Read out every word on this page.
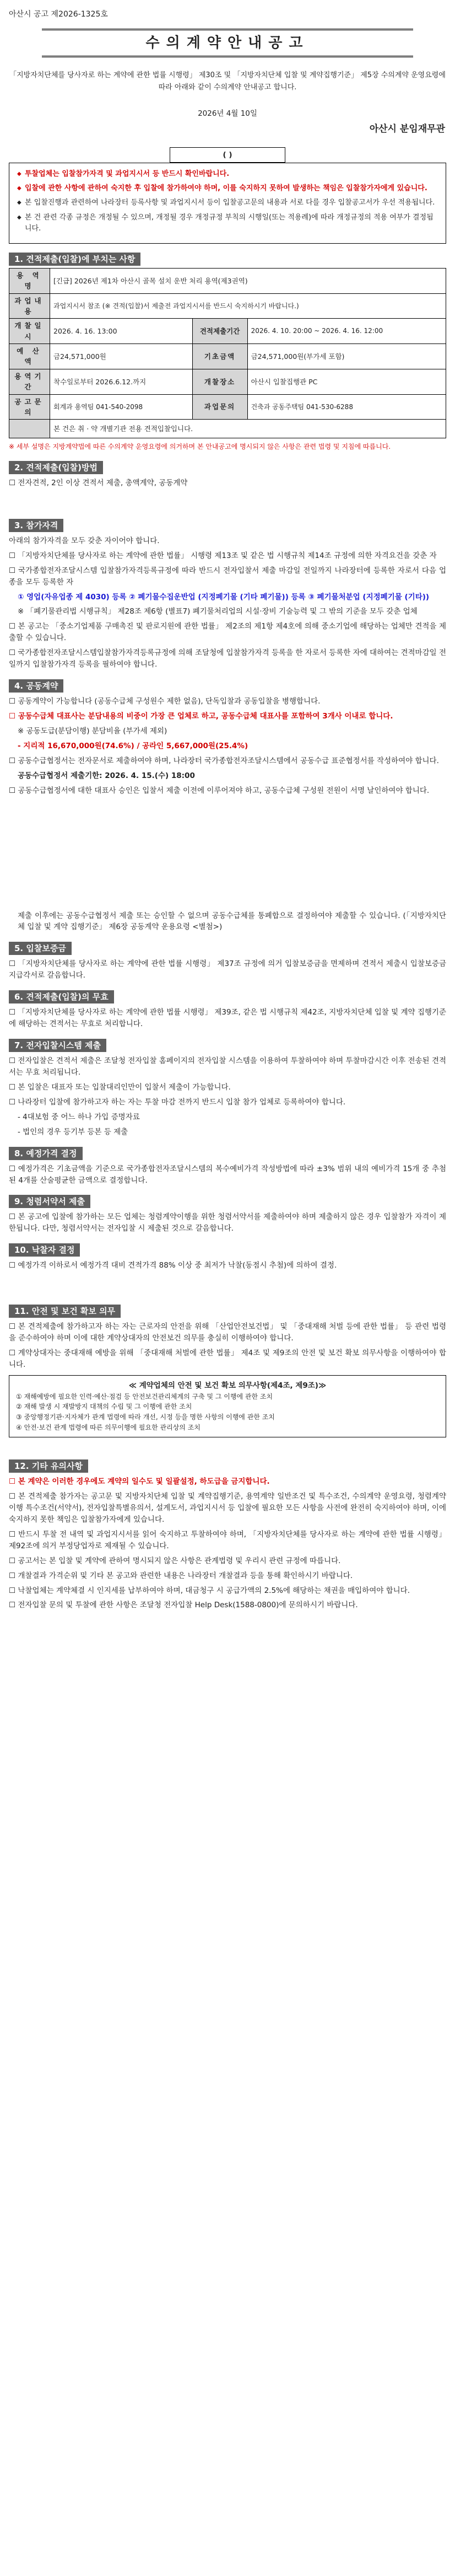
아산시 공고 제2026-1325호
수의계약안내공고
「지방자치단체를 당사자로 하는 계약에 관한 법률 시행령」 제30조 및 「지방자치단체 입찰 및 계약집행기준」 제5장 수의계약 운영요령에 따라 아래와 같이 수의계약 안내공고 합니다.
2026년 4월 10일
아산시 분임재무관
( )
◆ 투찰업체는 입찰참가자격 및 과업지시서 등 반드시 확인바랍니다.
◆ 입찰에 관한 사항에 관하여 숙지한 후 입찰에 참가하여야 하며, 이를 숙지하지 못하여 발생하는 책임은 입찰참가자에게 있습니다.
◆ 본 입찰진행과 관련하여 나라장터 등록사항 및 과업지시서 등이 입찰공고문의 내용과 서로 다를 경우 입찰공고서가 우선 적용됩니다.
◆ 본 건 관련 각종 규정은 개정될 수 있으며, 개정될 경우 개정규정 부칙의 시행일(또는 적용례)에 따라 개정규정의 적용 여부가 결정됩니다.
1. 견적제출(입찰)에 부치는 사항
용 역 명	[긴급] 2026년 제1차 아산시 골목 설치 운반 처리 용역(제3권역)		
과업내용	과업지시서 참조 (※ 견적(입찰)서 제출전 과업지시서를 반드시 숙지하시기 바랍니다.)		
개찰일시	2026. 4. 16. 13:00	견적제출기간	2026. 4. 10. 20:00 ~ 2026. 4. 16. 12:00
예 산 액	금24,571,000원	기초금액	금24,571,000원(부가세 포함)
용역기간	착수일로부터 2026.6.12.까지	개찰장소	아산시 입찰집행관 PC
공고문의	회계과 용역팀 041-540-2098	과업문의	건축과 공동주택팀 041-530-6288
	본 건은 취 · 약 개별기관 전용 견적입찰입니다.		
※ 세부 설명은 지방계약법에 따른 수의계약 운영요령에 의거하며 본 안내공고에 명시되지 않은 사항은 관련 법령 및 지침에 따릅니다.
2. 견적제출(입찰)방법
☐ 전자견적, 2인 이상 견적서 제출, 총액계약, 공동계약
3. 참가자격
아래의 참가자격을 모두 갖춘 자이어야 합니다.
☐ 「지방자치단체를 당사자로 하는 계약에 관한 법률」 시행령 제13조 및 같은 법 시행규칙 제14조 규정에 의한 자격요건을 갖춘 자
☐ 국가종합전자조달시스템 입찰참가자격등록규정에 따라 반드시 전자입찰서 제출 마감일 전일까지 나라장터에 등록한 자로서 다음 업종을 모두 등록한 자
① 영업(자유업종 제 4030) 등록 ② 폐기물수집운반업 (지정폐기물 (기타 폐기물)) 등록 ③ 폐기물처분업 (지정폐기물 (기타))
※ 「폐기물관리법 시행규칙」 제28조 제6항 (별표7) 폐기물처리업의 시설·장비 기술능력 및 그 밖의 기준을 모두 갖춘 업체
☐ 본 공고는 「중소기업제품 구매촉진 및 판로지원에 관한 법률」 제2조의 제1항 제4호에 의해 중소기업에 해당하는 업체만 견적을 제출할 수 있습니다.
☐ 국가종합전자조달시스템입찰참가자격등록규정에 의해 조달청에 입찰참가자격 등록을 한 자로서 등록한 자에 대하여는 견적마감일 전일까지 입찰참가자격 등록을 필하여야 합니다.
4. 공동계약
☐ 공동계약이 가능합니다 (공동수급체 구성원수 제한 없음), 단독입찰과 공동입찰을 병행합니다.
☐ 공동수급체 대표사는 분담내용의 비중이 가장 큰 업체로 하고, 공동수급체 대표사를 포함하여 3개사 이내로 합니다.
※ 공동도급(분담이행) 분담비율 (부가세 제외)
- 지리적 16,670,000원(74.6%) / 공라인 5,667,000원(25.4%)
☐ 공동수급협정서는 전자문서로 제출하여야 하며, 나라장터 국가종합전자조달시스템에서 공동수급 표준협정서를 작성하여야 합니다.
공동수급협정서 제출기한: 2026. 4. 15.(수) 18:00
☐ 공동수급협정서에 대한 대표사 승인은 입찰서 제출 이전에 이루어져야 하고, 공동수급체 구성원 전원이 서명 날인하여야 합니다.
제출 이후에는 공동수급협정서 제출 또는 승인할 수 없으며 공동수급체를 통폐합으로 결정하여야 제출할 수 있습니다. (「지방자치단체 입찰 및 계약 집행기준」 제6장 공동계약 운용요령 <별첨>)
5. 입찰보증금
☐ 「지방자치단체를 당사자로 하는 계약에 관한 법률 시행령」 제37조 규정에 의거 입찰보증금을 면제하며 견적서 제출시 입찰보증금 지급각서로 갈음합니다.
6. 견적제출(입찰)의 무효
☐ 「지방자치단체를 당사자로 하는 계약에 관한 법률 시행령」 제39조, 같은 법 시행규칙 제42조, 지방자치단체 입찰 및 계약 집행기준에 해당하는 견적서는 무효로 처리합니다.
7. 전자입찰시스템 제출
☐ 전자입찰은 견적서 제출은 조달청 전자입찰 홈페이지의 전자입찰 시스템을 이용하여 투찰하여야 하며 투찰마감시간 이후 전송된 견적서는 무효 처리됩니다.
☐ 본 입찰은 대표자 또는 입찰대리인만이 입찰서 제출이 가능합니다.
☐ 나라장터 입찰에 참가하고자 하는 자는 투찰 마감 전까지 반드시 입찰 참가 업체로 등록하여야 합니다.
- 4대보험 중 어느 하나 가입 증명자료
- 법인의 경우 등기부 등본 등 제출
8. 예정가격 결정
☐ 예정가격은 기초금액을 기준으로 국가종합전자조달시스템의 복수예비가격 작성방법에 따라 ±3% 범위 내의 예비가격 15개 중 추첨된 4개를 산술평균한 금액으로 결정합니다.
9. 청렴서약서 제출
☐ 본 공고에 입찰에 참가하는 모든 업체는 청렴계약이행을 위한 청렴서약서를 제출하여야 하며 제출하지 않은 경우 입찰참가 자격이 제한됩니다. 다만, 청렴서약서는 전자입찰 시 제출된 것으로 갈음합니다.
10. 낙찰자 결정
☐ 예정가격 이하로서 예정가격 대비 견적가격 88% 이상 중 최저가 낙찰(동점시 추첨)에 의하여 결정.
11. 안전 및 보건 확보 의무
☐ 본 견적제출에 참가하고자 하는 자는 근로자의 안전을 위해 「산업안전보건법」 및 「중대재해 처벌 등에 관한 법률」 등 관련 법령을 준수하여야 하며 이에 대한 계약상대자의 안전보건 의무를 충실히 이행하여야 합니다.
☐ 계약상대자는 중대재해 예방을 위해 「중대재해 처벌에 관한 법률」 제4조 및 제9조의 안전 및 보건 확보 의무사항을 이행하여야 합니다.
≪ 계약업체의 안전 및 보건 확보 의무사항(제4조, 제9조)≫
① 재해예방에 필요한 인력·예산·점검 등 안전보건관리체계의 구축 및 그 이행에 관한 조치
② 재해 발생 시 재발방지 대책의 수립 및 그 이행에 관한 조치
③ 중앙행정기관·지자체가 관계 법령에 따라 개선, 시정 등을 명한 사항의 이행에 관한 조치
④ 안전·보건 관계 법령에 따른 의무이행에 필요한 관리상의 조치
12. 기타 유의사항
☐ 본 계약은 이러한 경우에도 계약의 일수도 및 일괄설정, 하도급을 금지합니다.
☐ 본 견적제출 참가자는 공고문 및 지방자치단체 입찰 및 계약집행기준, 용역계약 일반조건 및 특수조건, 수의계약 운영요령, 청렴계약이행 특수조건(서약서), 전자입찰특별유의서, 설계도서, 과업지시서 등 입찰에 필요한 모든 사항을 사전에 완전히 숙지하여야 하며, 이에 숙지하지 못한 책임은 입찰참가자에게 있습니다.
☐ 반드시 투찰 전 내역 및 과업지시서를 읽어 숙지하고 투찰하여야 하며, 「지방자치단체를 당사자로 하는 계약에 관한 법률 시행령」 제92조에 의거 부정당업자로 제재될 수 있습니다.
☐ 공고서는 본 입찰 및 계약에 관하여 명시되지 않은 사항은 관계법령 및 우리시 관련 규정에 따릅니다.
☐ 개찰결과 가격순위 및 기타 본 공고와 관련한 내용은 나라장터 개찰결과 등을 통해 확인하시기 바랍니다.
☐ 낙찰업체는 계약체결 시 인지세를 납부하여야 하며, 대금청구 시 공급가액의 2.5%에 해당하는 채권을 매입하여야 합니다.
☐ 전자입찰 문의 및 투찰에 관한 사항은 조달청 전자입찰 Help Desk(1588-0800)에 문의하시기 바랍니다.
